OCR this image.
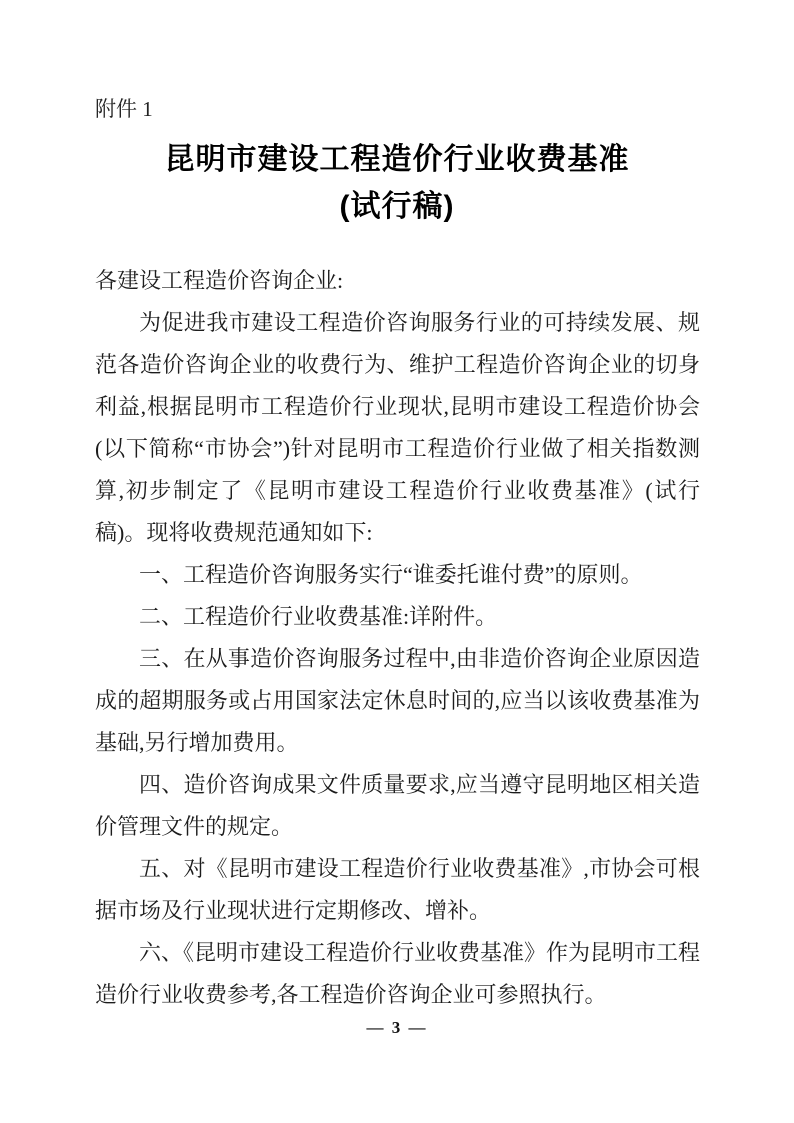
附件 1
昆明市建设工程造价行业收费基准
(试行稿)

各建设工程造价咨询企业:

为促进我市建设工程造价咨询服务行业的可持续发展、规范各造价咨询企业的收费行为、维护工程造价咨询企业的切身利益,根据昆明市工程造价行业现状,昆明市建设工程造价协会(以下简称“市协会”)针对昆明市工程造价行业做了相关指数测算,初步制定了《昆明市建设工程造价行业收费基准》(试行稿)。现将收费规范通知如下:

一、工程造价咨询服务实行“谁委托谁付费”的原则。

二、工程造价行业收费基准:详附件。

三、在从事造价咨询服务过程中,由非造价咨询企业原因造成的超期服务或占用国家法定休息时间的,应当以该收费基准为基础,另行增加费用。

四、造价咨询成果文件质量要求,应当遵守昆明地区相关造价管理文件的规定。

五、对《昆明市建设工程造价行业收费基准》,市协会可根据市场及行业现状进行定期修改、增补。

六、《昆明市建设工程造价行业收费基准》作为昆明市工程造价行业收费参考,各工程造价咨询企业可参照执行。

— 3 —
